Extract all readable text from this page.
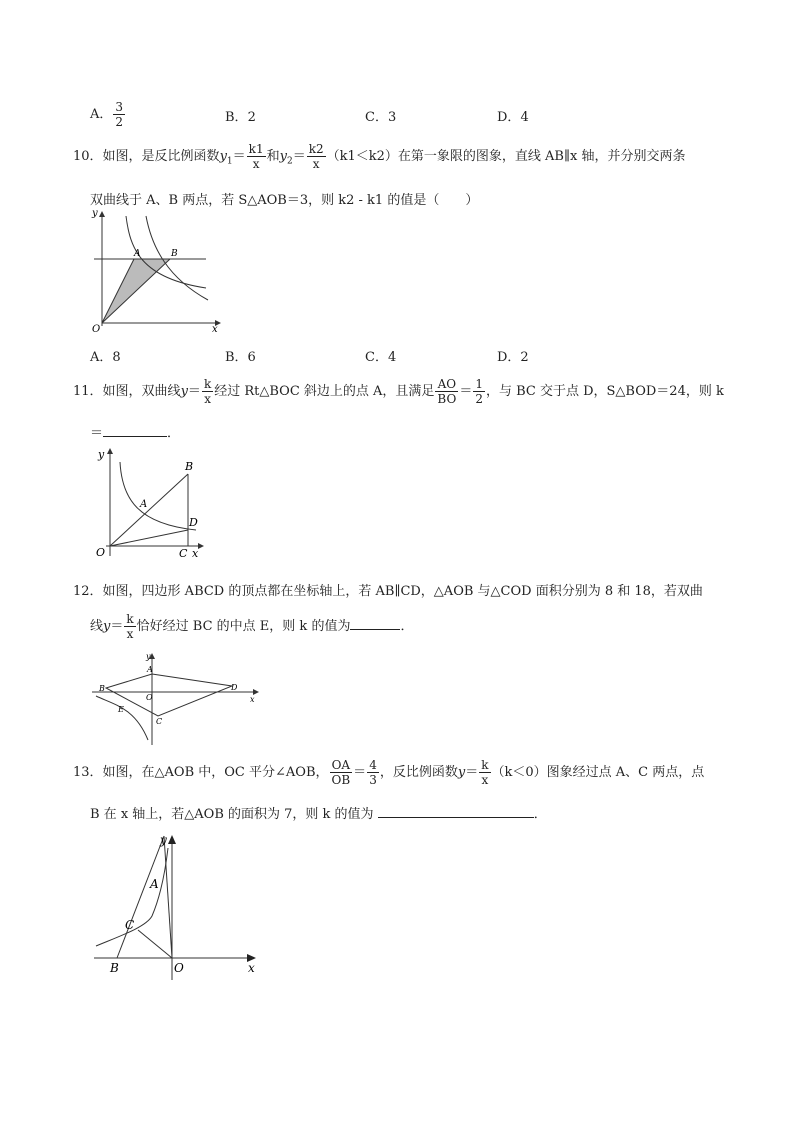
A． $\frac{3}{2}$	B．2	C．3	D．4
10．如图，是反比例函数$y_1= \frac{k1}{x}$ 和$y_2= \frac{k2}{x} (k1<k2)$在第一象限的图象，直线 AB∥x 轴，并分别交两条
双曲线于 A、B 两点，若 S△AOB＝3，则 k2 - k1 的值是（　　）
y
x
O
A	B
A．8	B．6	C．4	D．2
11．如图，双曲线$y= \frac{k}{x}$ 经过 Rt△BOC 斜边上的点 A，且满足 $\frac{AO}{BO} = \frac{1}{2}$ ，与 BC 交于点 D，S△BOD＝24，则 k
＝	．
y
x
O
A
B
C
D
12．如图，四边形 ABCD 的顶点都在坐标轴上，若 AB∥CD，△AOB 与△COD 面积分别为 8 和 18，若双曲
线$y= \frac{k}{x}$ 恰好经过 BC 的中点 E，则 k 的值为	．
y
x
O
A
B
C
D
E
13．如图，在△AOB 中，OC 平分∠AOB， $\frac{OA}{OB} = \frac{4}{3}$ ，反比例函数$y= \frac{k}{x} (k<0)$图象经过点 A、C 两点，点
B 在 x 轴上，若△AOB 的面积为 7，则 k 的值为	．
y
x
O
A
B
C
